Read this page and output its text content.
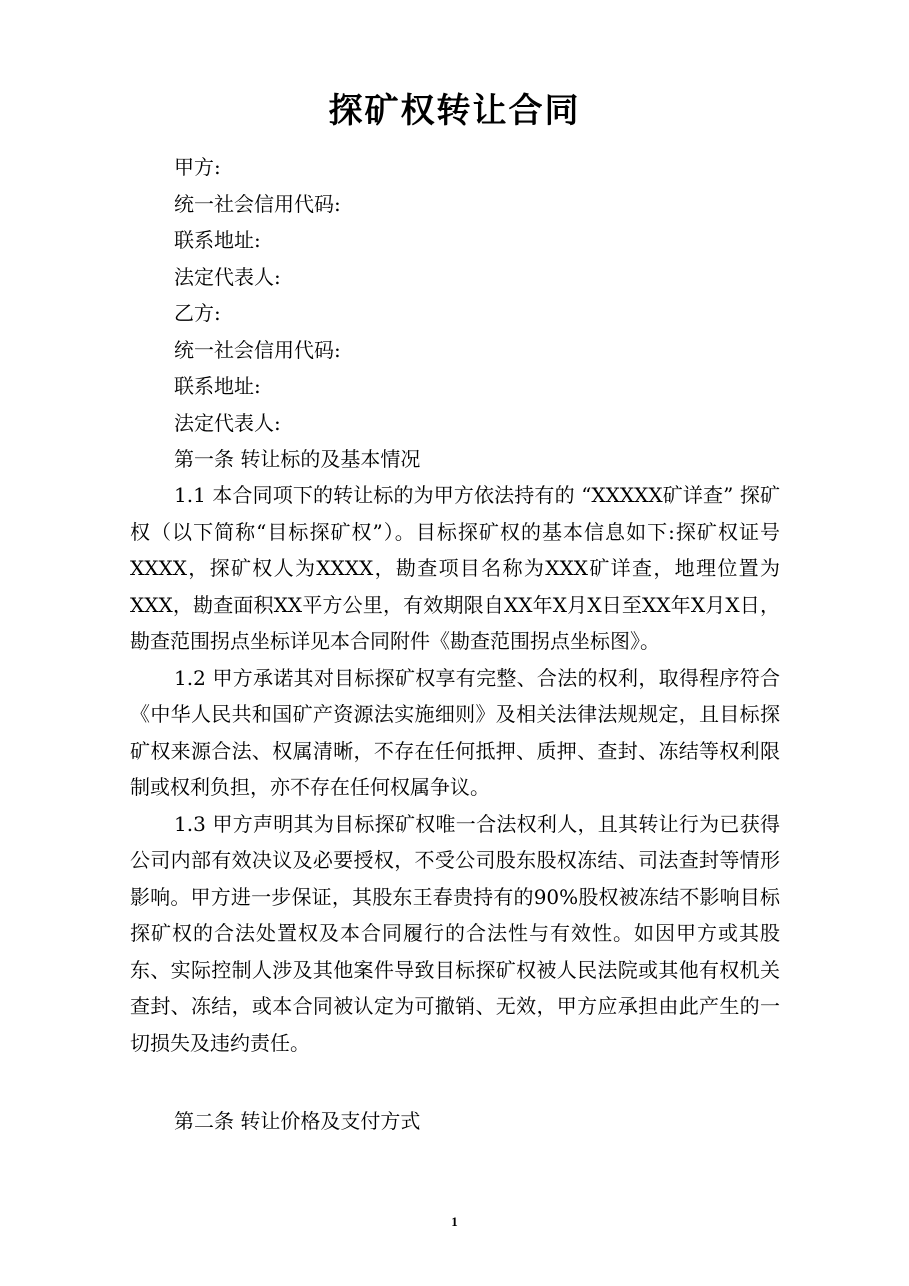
探矿权转让合同
甲方:
统一社会信用代码:
联系地址:
法定代表人:
乙方:
统一社会信用代码:
联系地址:
法定代表人:
第一条 转让标的及基本情况

1.1 本合同项下的转让标的为甲方依法持有的 “XXXXX矿详查” 探矿权（以下简称“目标探矿权”）。目标探矿权的基本信息如下:探矿权证号XXXX，探矿权人为XXXX，勘查项目名称为XXX矿详查，地理位置为XXX，勘查面积XX平方公里，有效期限自XX年X月X日至XX年X月X日，勘查范围拐点坐标详见本合同附件《勘查范围拐点坐标图》。

1.2 甲方承诺其对目标探矿权享有完整、合法的权利，取得程序符合《中华人民共和国矿产资源法实施细则》及相关法律法规规定，且目标探矿权来源合法、权属清晰，不存在任何抵押、质押、查封、冻结等权利限制或权利负担，亦不存在任何权属争议。

1.3 甲方声明其为目标探矿权唯一合法权利人，且其转让行为已获得公司内部有效决议及必要授权，不受公司股东股权冻结、司法查封等情形影响。甲方进一步保证，其股东王春贵持有的90%股权被冻结不影响目标探矿权的合法处置权及本合同履行的合法性与有效性。如因甲方或其股东、实际控制人涉及其他案件导致目标探矿权被人民法院或其他有权机关查封、冻结，或本合同被认定为可撤销、无效，甲方应承担由此产生的一切损失及违约责任。

第二条 转让价格及支付方式
1
